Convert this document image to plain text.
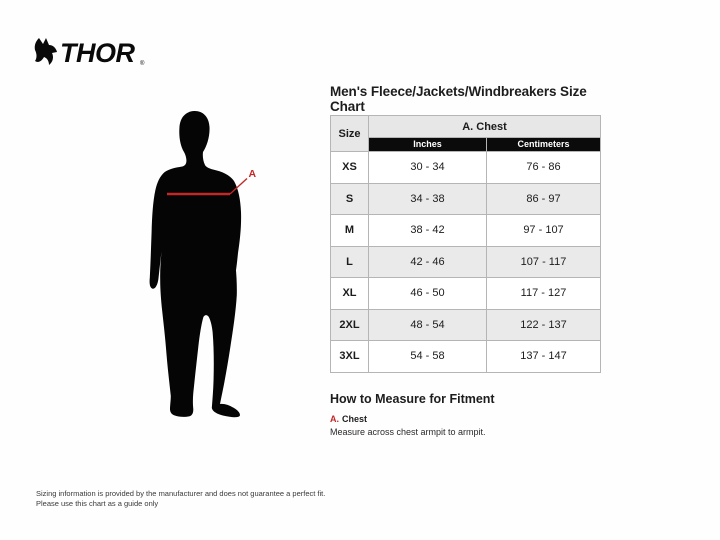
THOR ®
A
Men's Fleece/Jackets/Windbreakers Size Chart
Size	A. Chest	
	Inches	Centimeters
XS	30 - 34	76 - 86
S	34 - 38	86 - 97
M	38 - 42	97 - 107
L	42 - 46	107 - 117
XL	46 - 50	117 - 127
2XL	48 - 54	122 - 137
3XL	54 - 58	137 - 147
How to Measure for Fitment
A. Chest
Measure across chest armpit to armpit.
Sizing information is provided by the manufacturer and does not guarantee a perfect fit.
Please use this chart as a guide only
